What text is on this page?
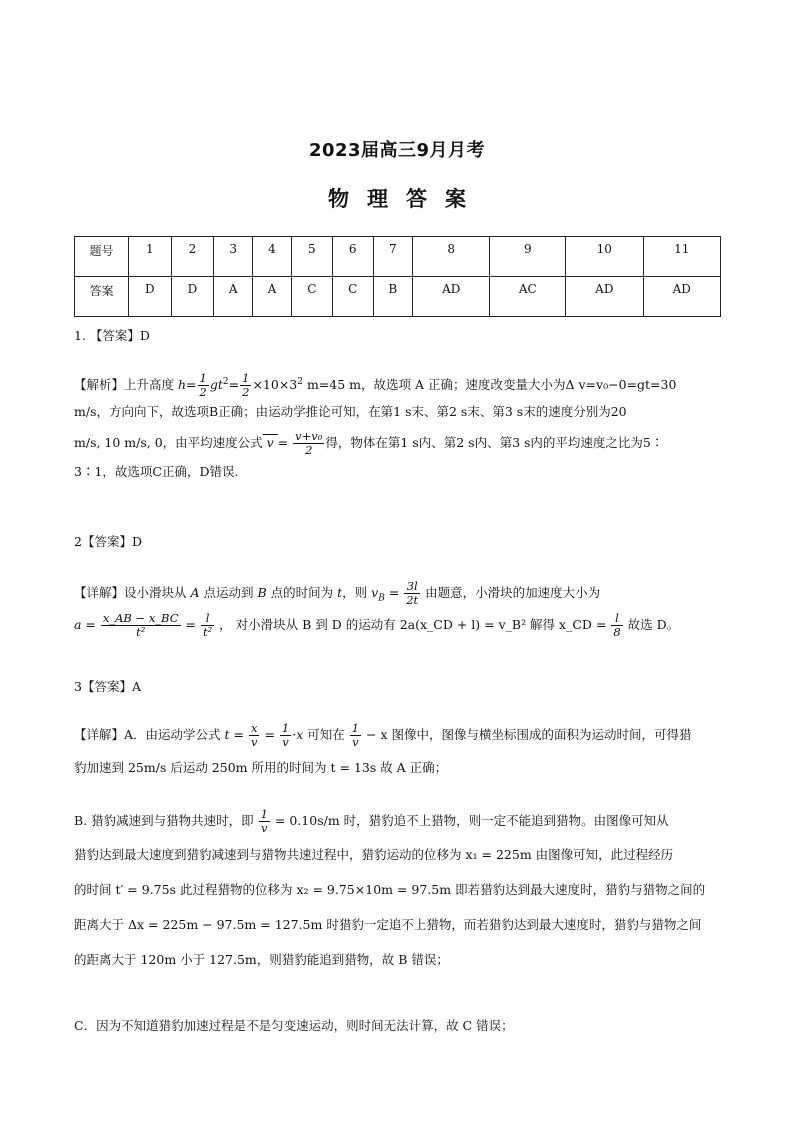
2023届高三9月月考
物理答案
题号	1	2	3	4	5	6	7	8	9	10	11
答案	D	D	A	A	C	C	B	AD	AC	AD	AD
1. 【答案】D
【解析】上升高度 $h= \frac{1}{2} gt^2= \frac{1}{2} \times 10\times 3^2$ m=45 m，故选项 A 正确；速度改变量大小为Δ v=v₀−0=gt=30
m/s，方向向下，故选项B正确；由运动学推论可知，在第1 s末、第2 s末、第3 s末的速度分别为20
m/s, 10 m/s, 0，由平均速度公式 $v = \frac{\text{v+v₀}}{2}$ 得，物体在第1 s内、第2 s内、第3 s内的平均速度之比为5∶
3∶1，故选项C正确，D错误.
2【答案】D
【详解】设小滑块从 A 点运动到 B 点的时间为 t，则 $v_B = \frac{3l}{2t}$ 由题意，小滑块的加速度大小为
$a = \frac{x\_AB - x\_BC}{\text{t²}} = \frac{l}{\text{t²}}$ ， 对小滑块从 B 到 D 的运动有 2a(x_CD + l) = v_B² 解得 x_CD = $\frac{l}{8}$ 故选 D。
3【答案】A
【详解】A．由运动学公式 $t = \frac{x}{v} = \frac{1}{v} \cdot x$ 可知在 $\frac{1}{v} - x$ 图像中，图像与横坐标围成的面积为运动时间，可得猎
豹加速到 25m/s 后运动 250m 所用的时间为 t = 13s 故 A 正确；
B. 猎豹减速到与猎物共速时，即 $\frac{1}{v} = 0.10s/m$ 时，猎豹追不上猎物，则一定不能追到猎物。由图像可知从
猎豹达到最大速度到猎豹减速到与猎物共速过程中，猎豹运动的位移为 x₁ = 225m 由图像可知，此过程经历
的时间 t′ = 9.75s 此过程猎物的位移为 x₂ = 9.75×10m = 97.5m 即若猎豹达到最大速度时，猎豹与猎物之间的
距离大于 Δx = 225m − 97.5m = 127.5m 时猎豹一定追不上猎物，而若猎豹达到最大速度时，猎豹与猎物之间
的距离大于 120m 小于 127.5m，则猎豹能追到猎物，故 B 错误；
C．因为不知道猎豹加速过程是不是匀变速运动，则时间无法计算，故 C 错误；
